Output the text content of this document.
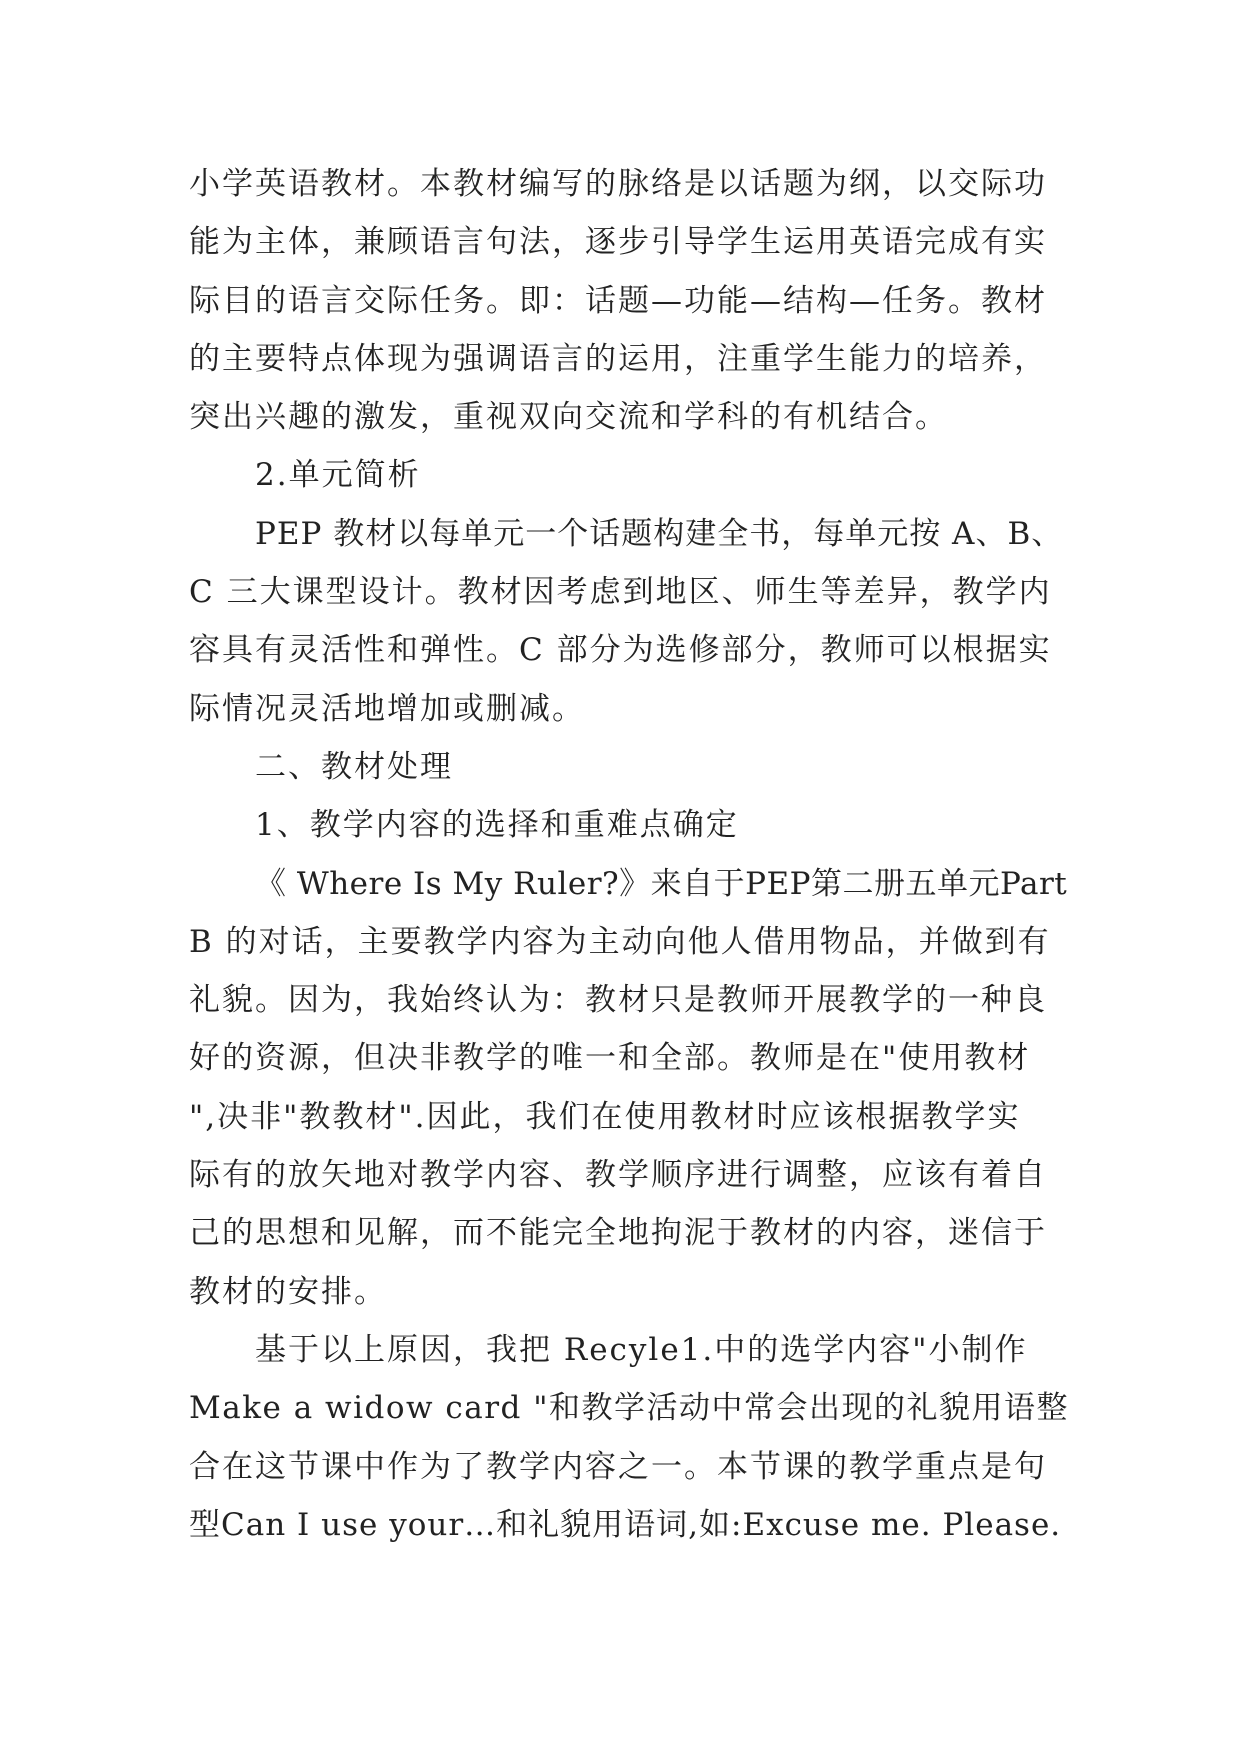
小学英语教材。本教材编写的脉络是以话题为纲，以交际功
能为主体，兼顾语言句法，逐步引导学生运用英语完成有实
际目的语言交际任务。即：话题—功能—结构—任务。教材
的主要特点体现为强调语言的运用，注重学生能力的培养，
突出兴趣的激发，重视双向交流和学科的有机结合。
2.单元简析
PEP 教材以每单元一个话题构建全书，每单元按 A、B、
C 三大课型设计。教材因考虑到地区、师生等差异，教学内
容具有灵活性和弹性。C 部分为选修部分，教师可以根据实
际情况灵活地增加或删减。
二、教材处理
1、教学内容的选择和重难点确定
《 Where Is My Ruler?》来自于PEP第二册五单元Part
B 的对话，主要教学内容为主动向他人借用物品，并做到有
礼貌。因为，我始终认为：教材只是教师开展教学的一种良
好的资源，但决非教学的唯一和全部。教师是在"使用教材
",决非"教教材".因此，我们在使用教材时应该根据教学实
际有的放矢地对教学内容、教学顺序进行调整，应该有着自
己的思想和见解，而不能完全地拘泥于教材的内容，迷信于
教材的安排。
基于以上原因，我把 Recyle1.中的选学内容"小制作
Make a widow card "和教学活动中常会出现的礼貌用语整
合在这节课中作为了教学内容之一。本节课的教学重点是句
型Can I use your…和礼貌用语词,如:Excuse me. Please.
